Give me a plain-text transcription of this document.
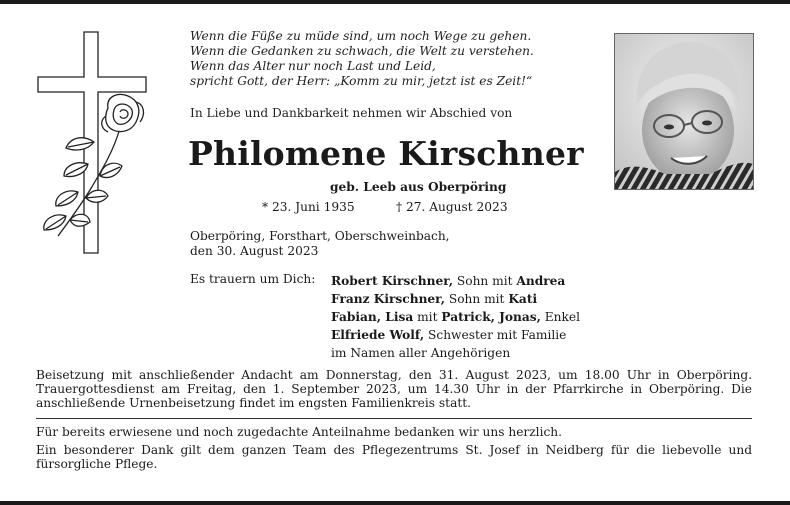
Wenn die Füße zu müde sind, um noch Wege zu gehen.
Wenn die Gedanken zu schwach, die Welt zu verstehen.
Wenn das Alter nur noch Last und Leid,
spricht Gott, der Herr: „Komm zu mir, jetzt ist es Zeit!“
In Liebe und Dankbarkeit nehmen wir Abschied von
Philomene Kirschner
geb. Leeb aus Oberpöring
* 23. Juni 1935	† 27. August 2023
Oberpöring, Forsthart, Oberschweinbach,
den 30. August 2023
Es trauern um Dich: Robert Kirschner, Sohn mit Andrea
Franz Kirschner, Sohn mit Kati
Fabian, Lisa mit Patrick, Jonas, Enkel
Elfriede Wolf, Schwester mit Familie
im Namen aller Angehörigen
Beisetzung mit anschließender Andacht am Donnerstag, den 31. August 2023, um 18.00 Uhr in Oberpöring. Trauergottesdienst am Freitag, den 1. September 2023, um 14.30 Uhr in der Pfarrkirche in Oberpöring. Die anschließende Urnenbeisetzung findet im engsten Familienkreis statt.
Für bereits erwiesene und noch zugedachte Anteilnahme bedanken wir uns herzlich.
Ein besonderer Dank gilt dem ganzen Team des Pflegezentrums St. Josef in Neidberg für die liebevolle und fürsorgliche Pflege.
